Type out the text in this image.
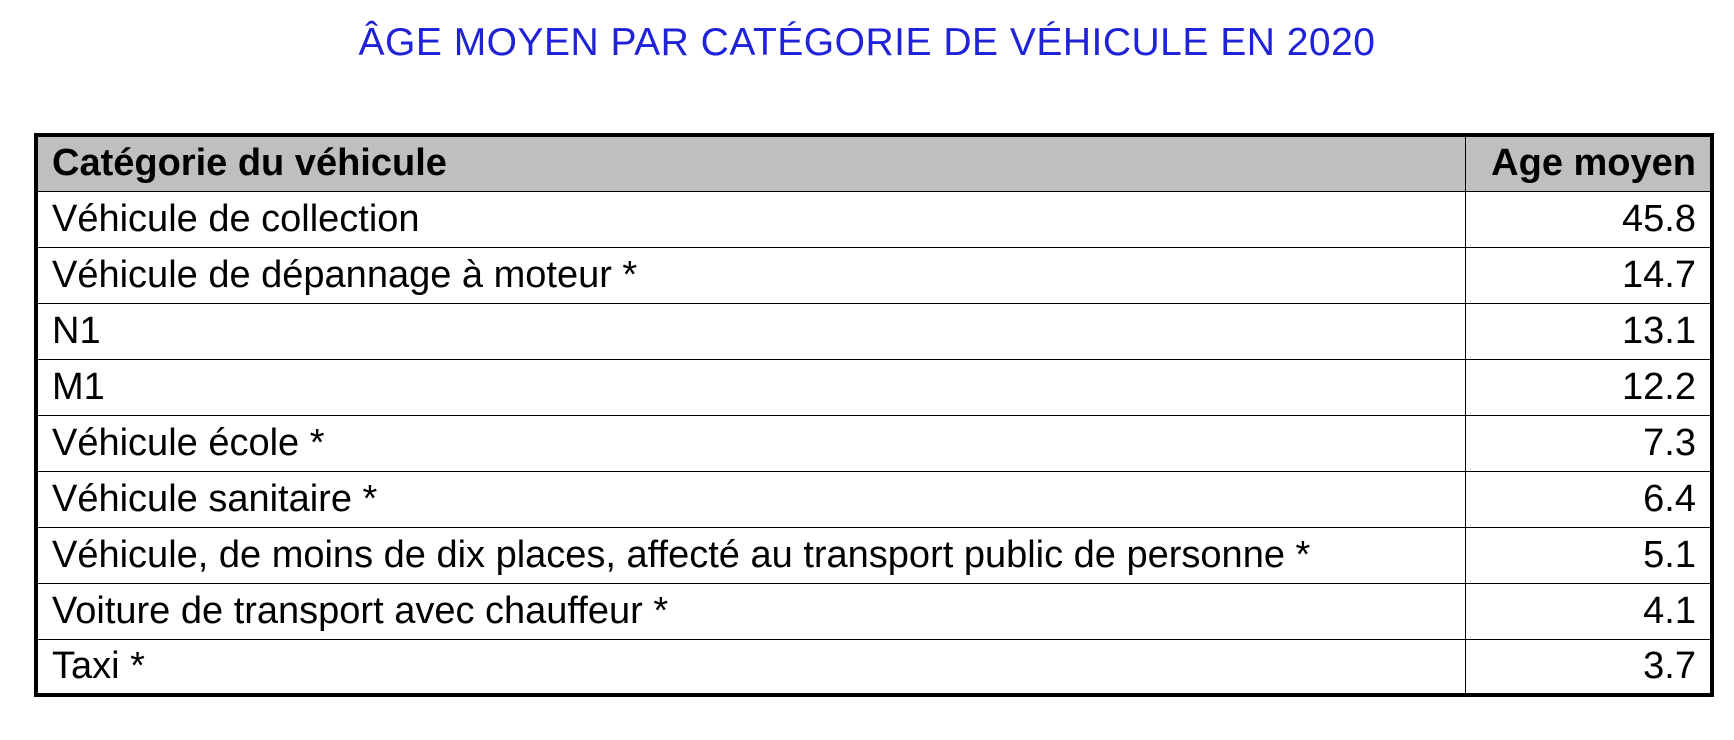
ÂGE MOYEN PAR CATÉGORIE DE VÉHICULE EN 2020
Catégorie du véhicule	Age moyen
Véhicule de collection	45.8
Véhicule de dépannage à moteur *	14.7
N1	13.1
M1	12.2
Véhicule école *	7.3
Véhicule sanitaire *	6.4
Véhicule, de moins de dix places, affecté au transport public de personne *	5.1
Voiture de transport avec chauffeur *	4.1
Taxi *	3.7
